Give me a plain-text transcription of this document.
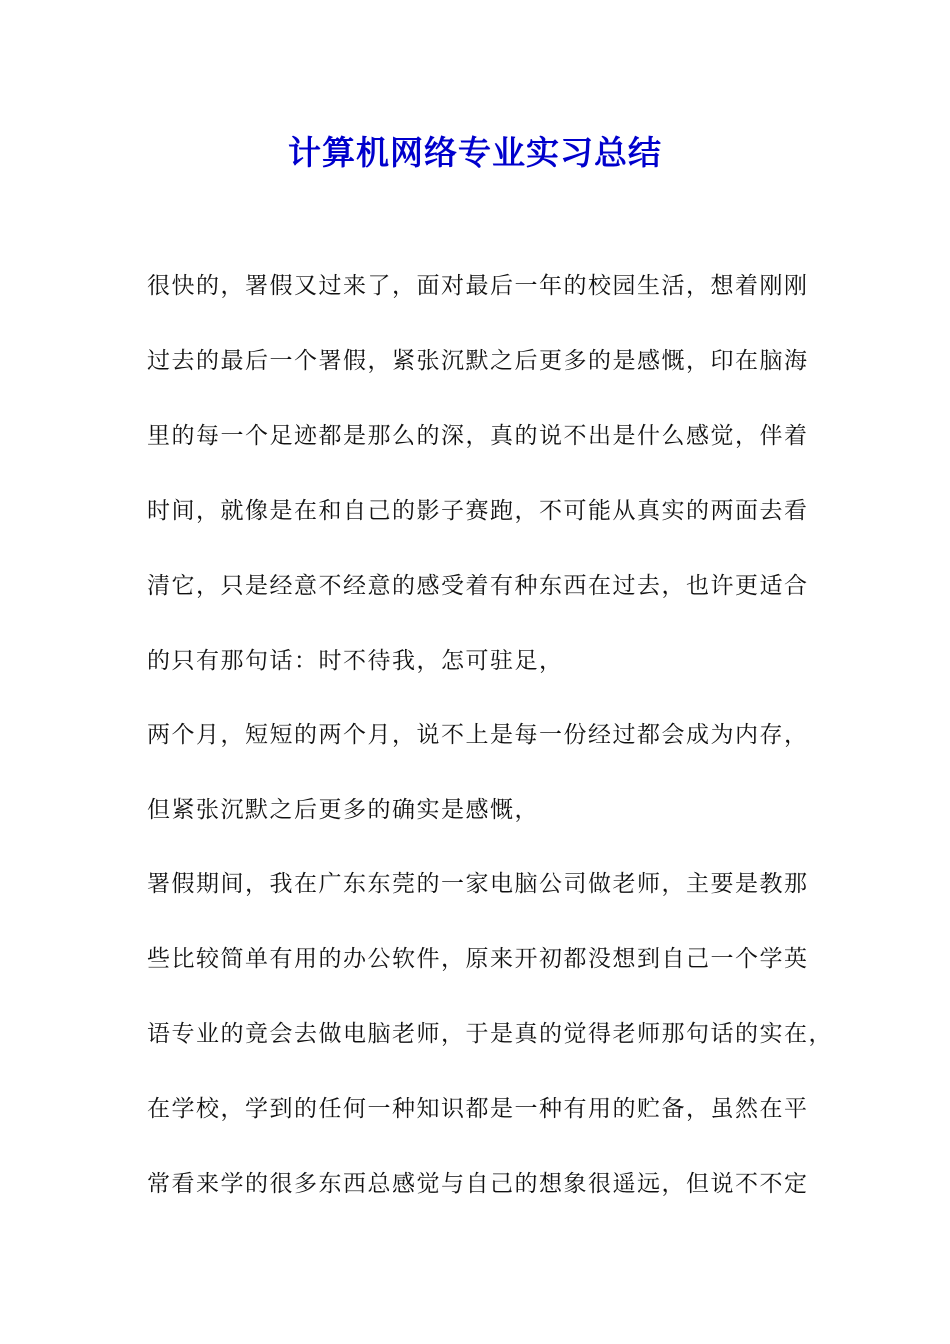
计算机网络专业实习总结
很快的，署假又过来了，面对最后一年的校园生活，想着刚刚
过去的最后一个署假，紧张沉默之后更多的是感慨，印在脑海
里的每一个足迹都是那么的深，真的说不出是什么感觉，伴着
时间，就像是在和自己的影子赛跑，不可能从真实的两面去看
清它，只是经意不经意的感受着有种东西在过去，也许更适合
的只有那句话：时不待我，怎可驻足，
两个月，短短的两个月，说不上是每一份经过都会成为内存，
但紧张沉默之后更多的确实是感慨，
署假期间，我在广东东莞的一家电脑公司做老师，主要是教那
些比较简单有用的办公软件，原来开初都没想到自己一个学英
语专业的竟会去做电脑老师，于是真的觉得老师那句话的实在，
在学校，学到的任何一种知识都是一种有用的贮备，虽然在平
常看来学的很多东西总感觉与自己的想象很遥远，但说不不定
